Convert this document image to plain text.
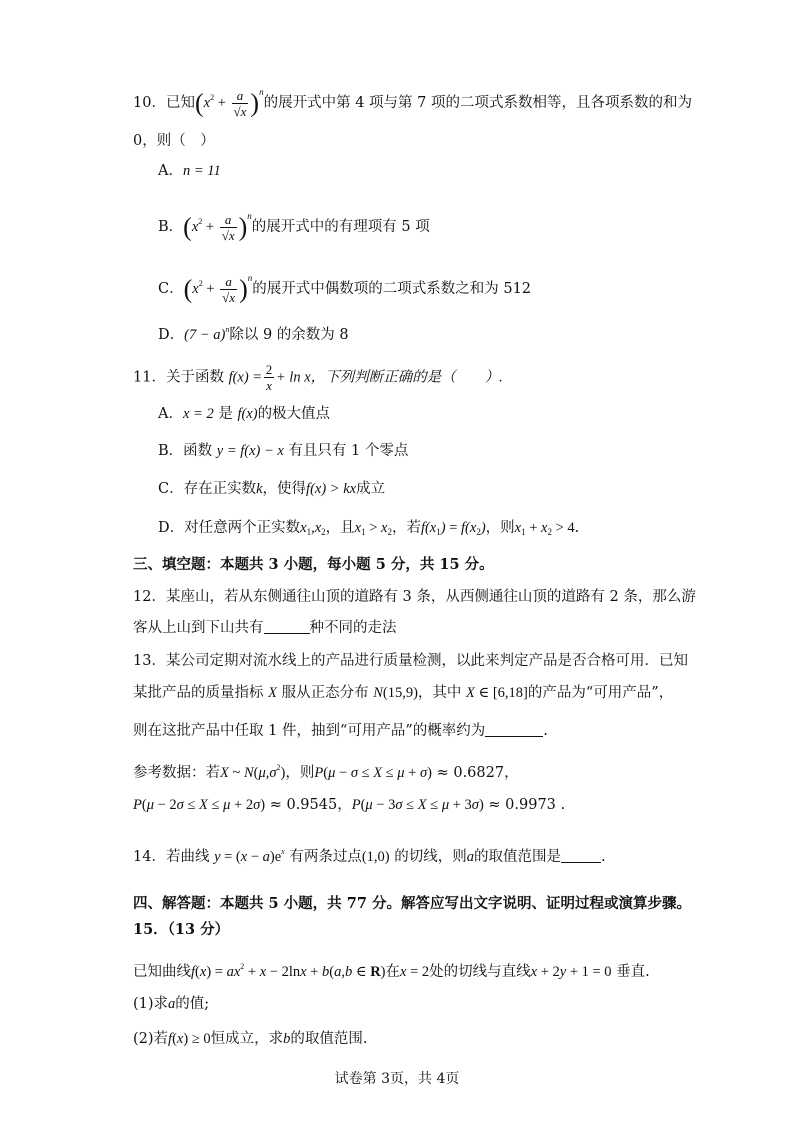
10．已知$(x^2 + \frac{a}{√x} )^n$的展开式中第 4 项与第 7 项的二项式系数相等，且各项系数的和为
0，则（　）
A．n = 11
B．$(x^2 + \frac{a}{√x} )^n$的展开式中的有理项有 5 项
C．$(x^2 + \frac{a}{√x} )^n$的展开式中偶数项的二项式系数之和为 512
D．$(7 - a)^n$除以 9 的余数为 8
11．关于函数 $f(x) = \frac{2}{x} + \ln x$，下列判断正确的是（　　）.
A．x = 2 是 f(x)的极大值点
B．函数 y = f(x) − x 有且只有 1 个零点
C．存在正实数k，使得f(x) > kx成立
D．对任意两个正实数$x_1,x_2$，且$x_1 > x_2$，若$f(x_1) = f(x_2)$，则$x_1 + x_2 > 4$.
三、填空题：本题共 3 小题，每小题 5 分，共 15 分。
12．某座山，若从东侧通往山顶的道路有 3 条，从西侧通往山顶的道路有 2 条，那么游
客从上山到下山共有	种不同的走法
13．某公司定期对流水线上的产品进行质量检测，以此来判定产品是否合格可用．已知
某批产品的质量指标 X 服从正态分布 N(15,9)，其中 X ∈ [6,18]的产品为“可用产品”，
则在这批产品中任取 1 件，抽到“可用产品”的概率约为	.
参考数据：若X ~ $N(\mu,\sigma^2)$，则P(μ − σ ≤ X ≤ μ + σ) ≈ 0.6827，
P(μ − 2σ ≤ X ≤ μ + 2σ) ≈ 0.9545，P(μ − 3σ ≤ X ≤ μ + 3σ) ≈ 0.9973 .
14．若曲线 $y = (x - a)e^x$ 有两条过点(1,0) 的切线，则a的取值范围是	.
四、解答题：本题共 5 小题，共 77 分。解答应写出文字说明、证明过程或演算步骤。
15．（13 分）
已知曲线$f(x) = ax^2 + x - 2\ln x + b(a,b$ ∈ R)在x = 2处的切线与直线x + 2y + 1 = 0 垂直.
(1)求a的值;
(2)若f(x) ≥ 0恒成立，求b的取值范围.
试卷第 3页，共 4页
